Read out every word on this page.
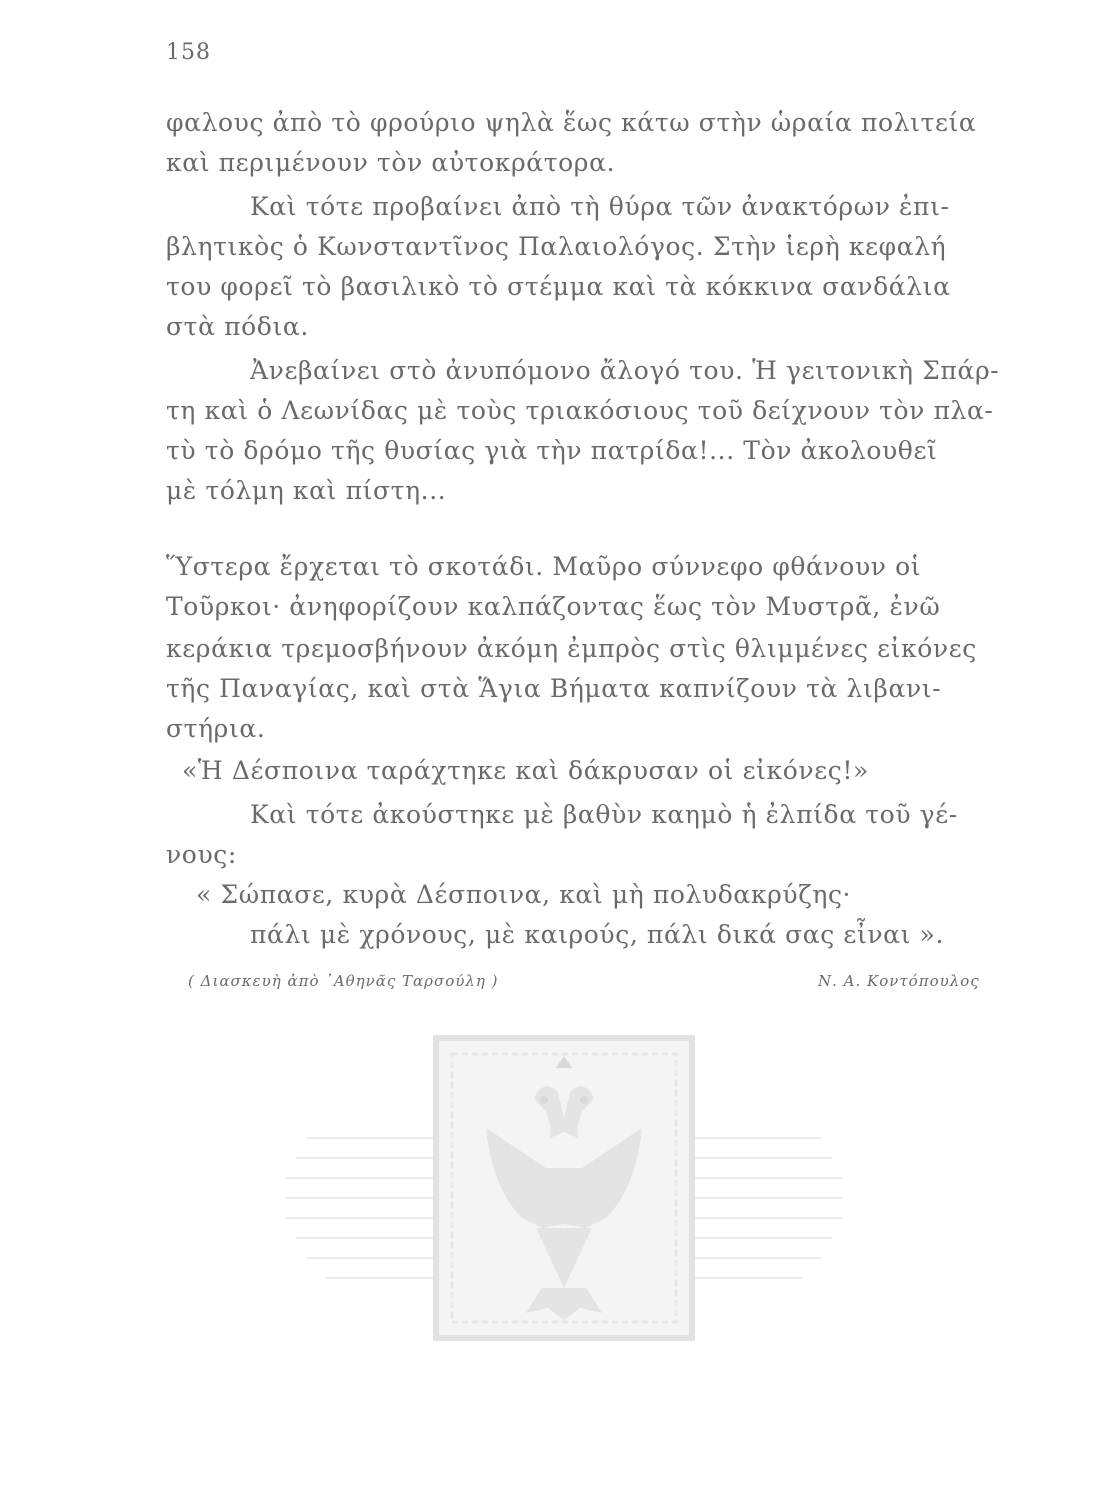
158
φαλους ἀπὸ τὸ φρούριο ψηλὰ ἕως κάτω στὴν ὡραία πολιτεία
καὶ περιμένουν τὸν αὐτοκράτορα.
Καὶ τότε προβαίνει ἀπὸ τὴ θύρα τῶν ἀνακτόρων ἐπι-
βλητικὸς ὁ Κωνσταντῖνος Παλαιολόγος. Στὴν ἱερὴ κεφαλή
του φορεῖ τὸ βασιλικὸ τὸ στέμμα καὶ τὰ κόκκινα σανδάλια
στὰ πόδια.
Ἀνεβαίνει στὸ ἀνυπόμονο ἄλογό του. Ἡ γειτονικὴ Σπάρ-
τη καὶ ὁ Λεωνίδας μὲ τοὺς τριακόσιους τοῦ δείχνουν τὸν πλα-
τὺ τὸ δρόμο τῆς θυσίας γιὰ τὴν πατρίδα!... Τὸν ἀκολουθεῖ
μὲ τόλμη καὶ πίστη...
Ὕστερα ἔρχεται τὸ σκοτάδι. Μαῦρο σύννεφο φθάνουν οἱ
Τοῦρκοι· ἀνηφορίζουν καλπάζοντας ἕως τὸν Μυστρᾶ, ἐνῶ
κεράκια τρεμοσβήνουν ἀκόμη ἐμπρὸς στὶς θλιμμένες εἰκόνες
τῆς Παναγίας, καὶ στὰ Ἅγια Βήματα καπνίζουν τὰ λιβανι-
στήρια.
«Ἡ Δέσποινα ταράχτηκε καὶ δάκρυσαν οἱ εἰκόνες!»
Καὶ τότε ἀκούστηκε μὲ βαθὺν καημὸ ἡ ἐλπίδα τοῦ γέ-
νους:
« Σώπασε, κυρὰ Δέσποινα, καὶ μὴ πολυδακρύζης·
πάλι μὲ χρόνους, μὲ καιρούς, πάλι δικά σας εἶναι ».
( Διασκευὴ ἀπὸ ᾿Αθηνᾶς Ταρσούλη )	Ν. Α. Κοντόπουλος
